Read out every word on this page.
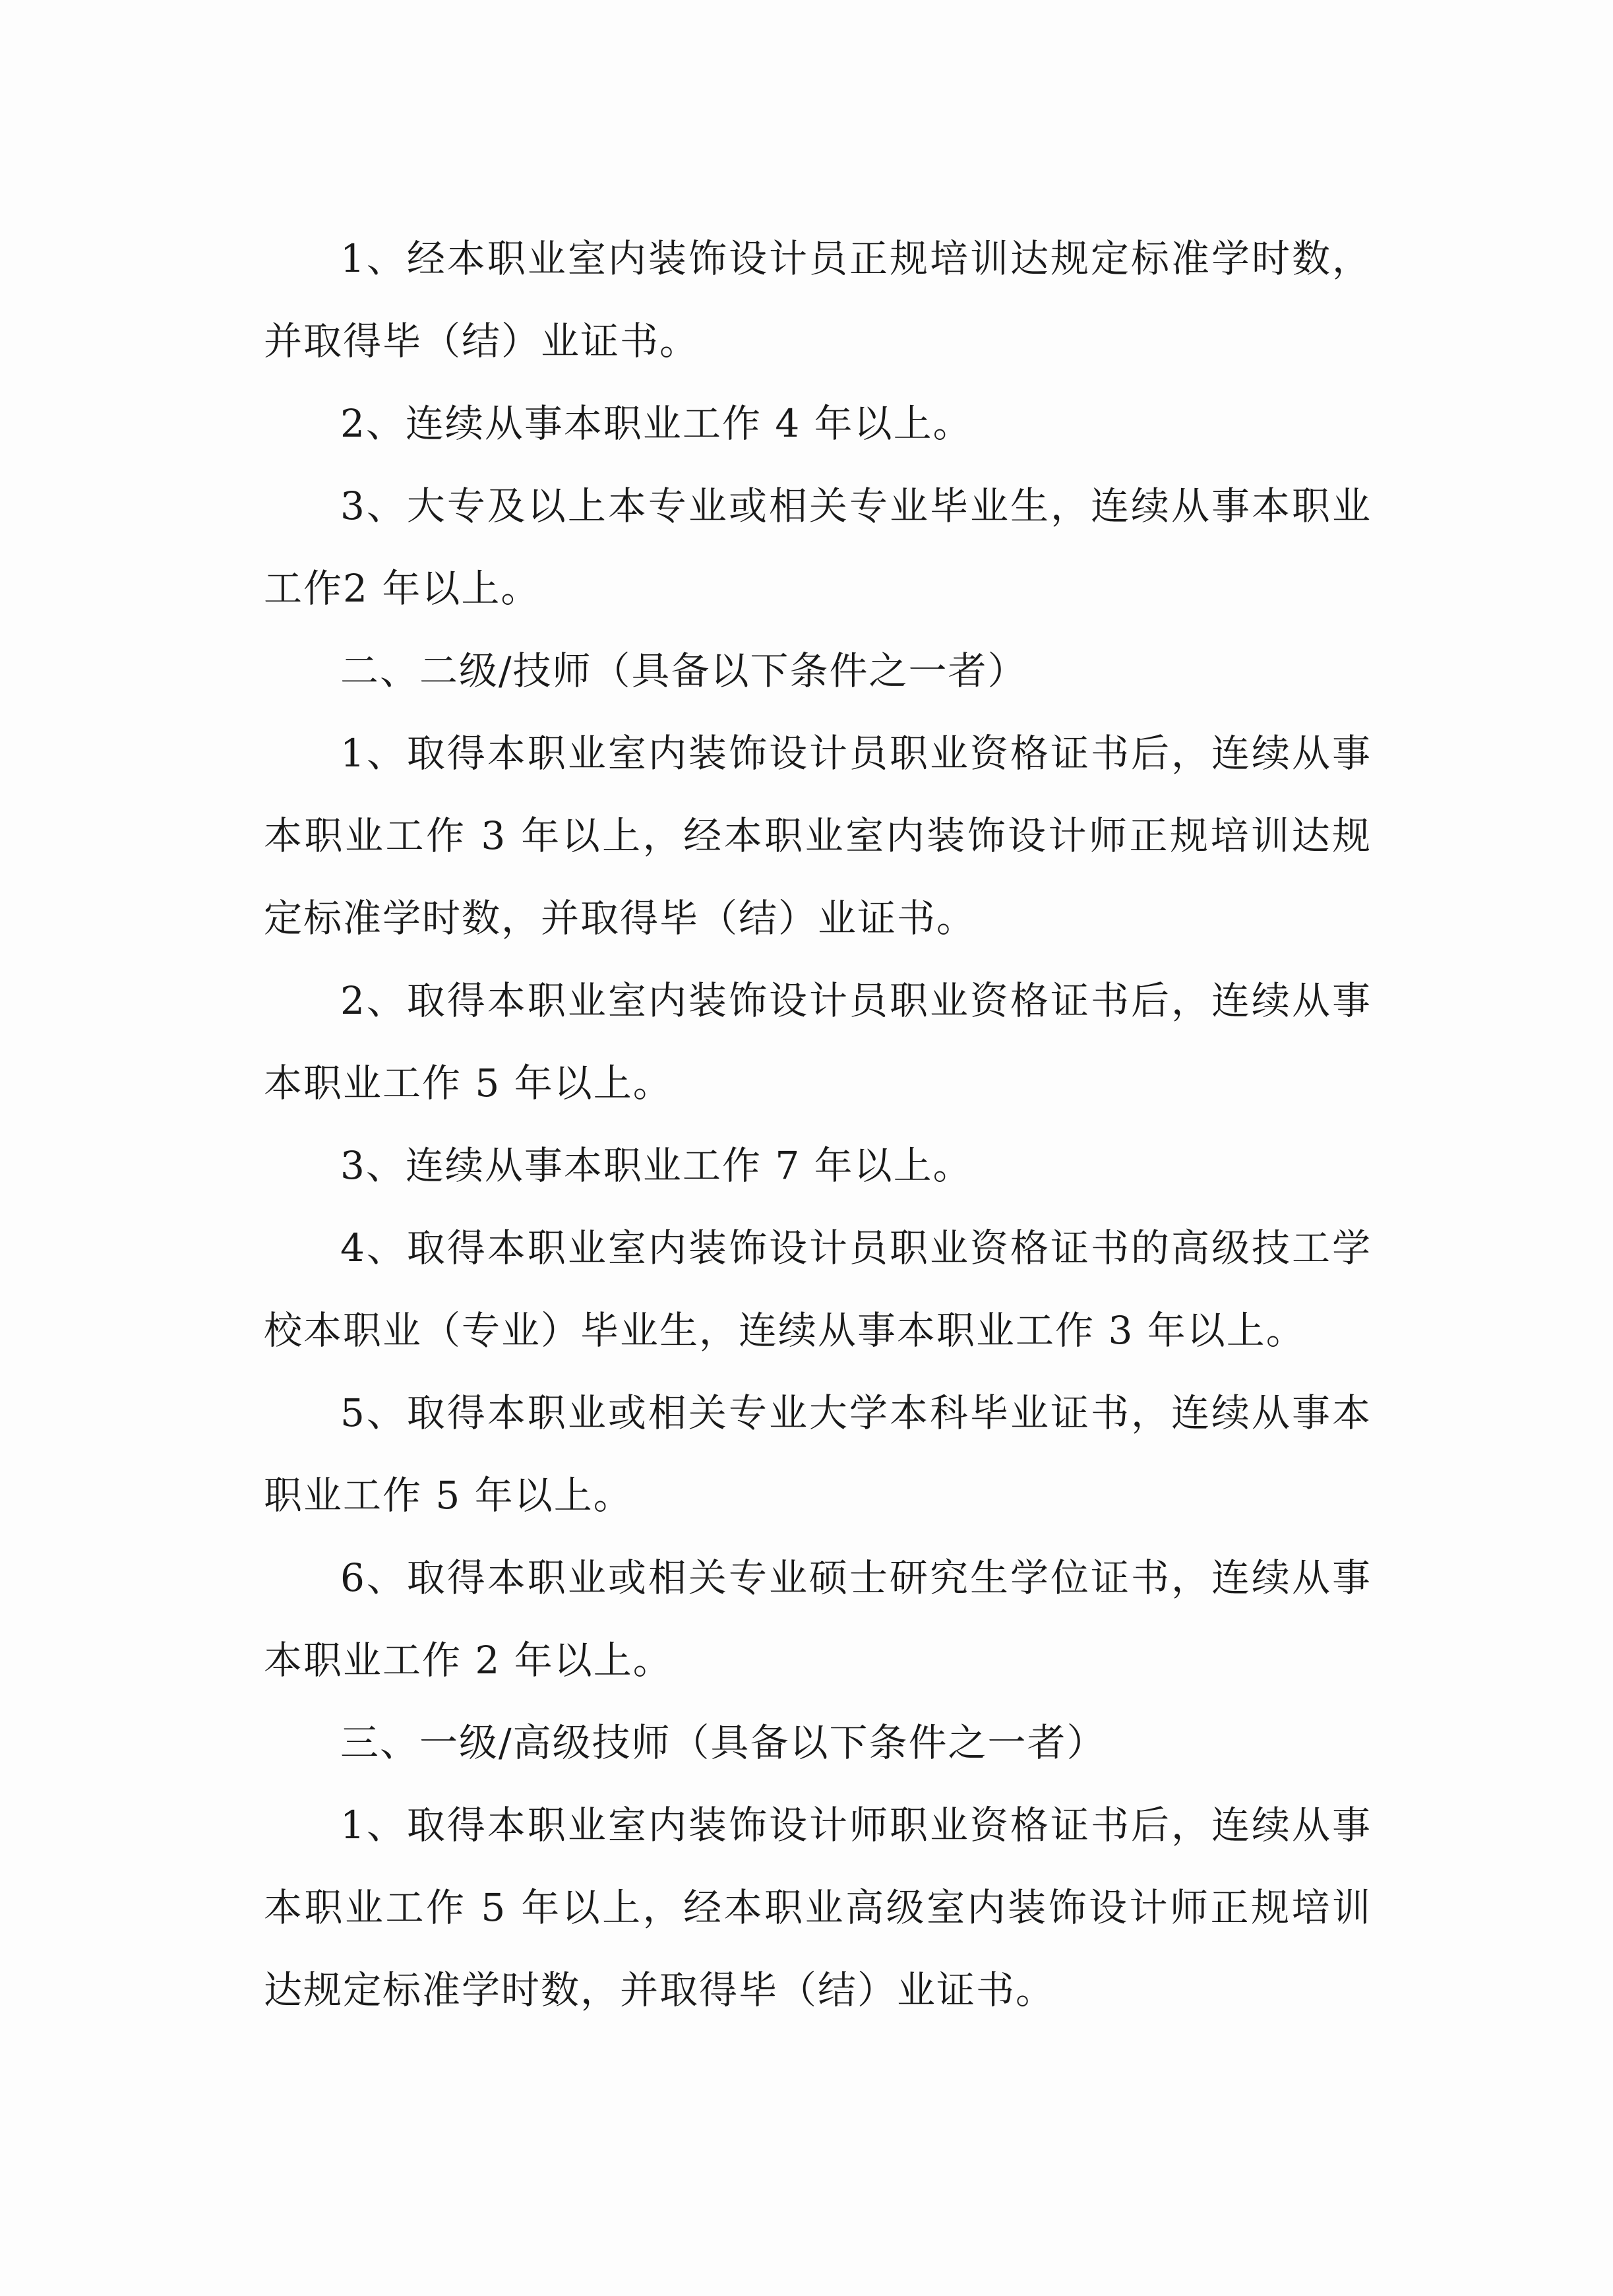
1、经本职业室内装饰设计员正规培训达规定标准学时数，并取得毕（结）业证书。

2、连续从事本职业工作 4 年以上。

3、大专及以上本专业或相关专业毕业生，连续从事本职业工作2 年以上。

二、二级/技师（具备以下条件之一者）

1、取得本职业室内装饰设计员职业资格证书后，连续从事本职业工作 3 年以上，经本职业室内装饰设计师正规培训达规定标准学时数，并取得毕（结）业证书。

2、取得本职业室内装饰设计员职业资格证书后，连续从事本职业工作 5 年以上。

3、连续从事本职业工作 7 年以上。

4、取得本职业室内装饰设计员职业资格证书的高级技工学校本职业（专业）毕业生，连续从事本职业工作 3 年以上。

5、取得本职业或相关专业大学本科毕业证书，连续从事本职业工作 5 年以上。

6、取得本职业或相关专业硕士研究生学位证书，连续从事本职业工作 2 年以上。

三、一级/高级技师（具备以下条件之一者）

1、取得本职业室内装饰设计师职业资格证书后，连续从事本职业工作 5 年以上，经本职业高级室内装饰设计师正规培训达规定标准学时数，并取得毕（结）业证书。
